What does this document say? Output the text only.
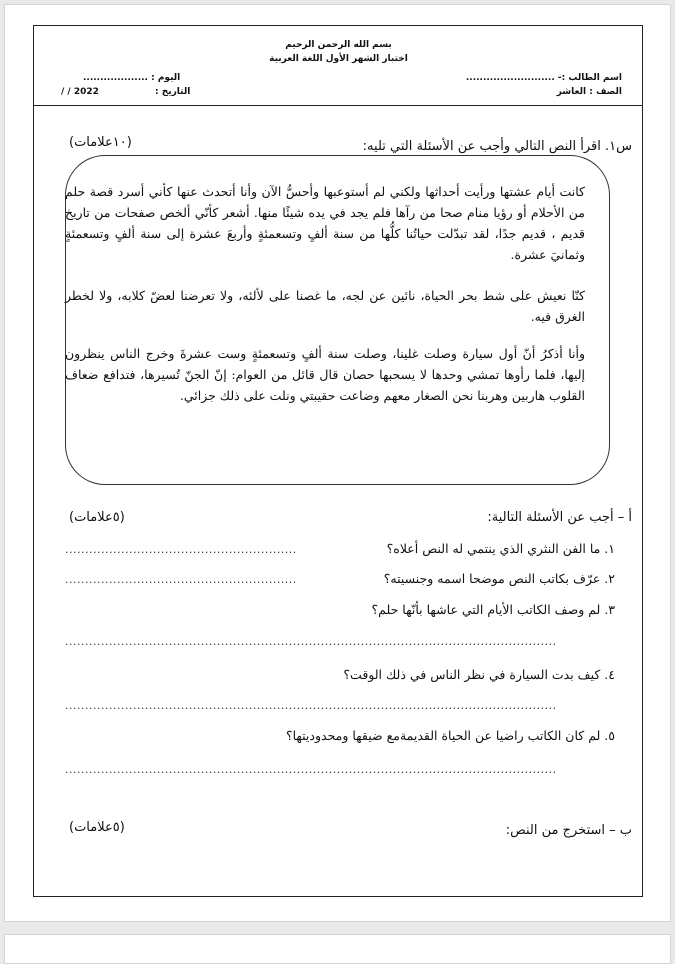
بسم الله الرحمن الرحيم
اختبار الشهر الأول اللغة العربية
اسم الطالب :- ..........................
الصف : العاشر
اليوم : ...................
التاريخ :
2022 / /
س١. اقرأ النص التالي وأجب عن الأسئلة التي تليه:
(١٠علامات)
كانت أيام عشتها ورأيت أحداثها ولكني لم أستوعبها وأحسُّ الآن وأنا أتحدث عنها كأني أسرد قصة حلم من الأحلام أو رؤيا منام صحا من رآها فلم يجد في يده شيئًا منها. أشعر كأنّي ألخص صفحات من تاريخ قديم ، قديم جدًا، لقد تبدّلت حياتُنا كلُّها من سنة ألفٍ وتسعمئةٍ وأربعَ عشرة إلى سنة ألفٍ وتسعمئةٍ وثمانيَ عشرة.
كنّا نعيش على شط بحر الحياة، نائين عن لجه، ما غصنا على لألئه، ولا تعرضنا لعضّ كلابه، ولا لخطر الغرق فيه.
وأنا أذكرُ أنّ أول سيارة وصلت غلينا، وصلت سنة ألفٍ وتسعمئةٍ وست عشرةَ وخرج الناس ينظرون إليها، فلما رأوها تمشي وحدها لا يسحبها حصان قال قائل من العوام: إنّ الجنّ تُسيرها، فتدافع ضعاف القلوب هاربين وهربنا نحن الصغار معهم وضاعت حقيبتي ونلت على ذلك جزائي.
أ – أجب عن الأسئلة التالية:
(٥علامات)
١. ما الفن النثري الذي ينتمي له النص أعلاه؟
..........................................................
٢. عرّف بكاتب النص موضحا اسمه وجنسيته؟
..........................................................
٣. لم وصف الكاتب الأيام التي عاشها بأنّها حلم؟
...........................................................................................................................
٤. كيف بدت السيارة في نظر الناس في ذلك الوقت؟
...........................................................................................................................
٥. لم كان الكاتب راضيا عن الحياة القديمةمع ضيقها ومحدوديتها؟
...........................................................................................................................
ب – استخرج من النص:
(٥علامات)
